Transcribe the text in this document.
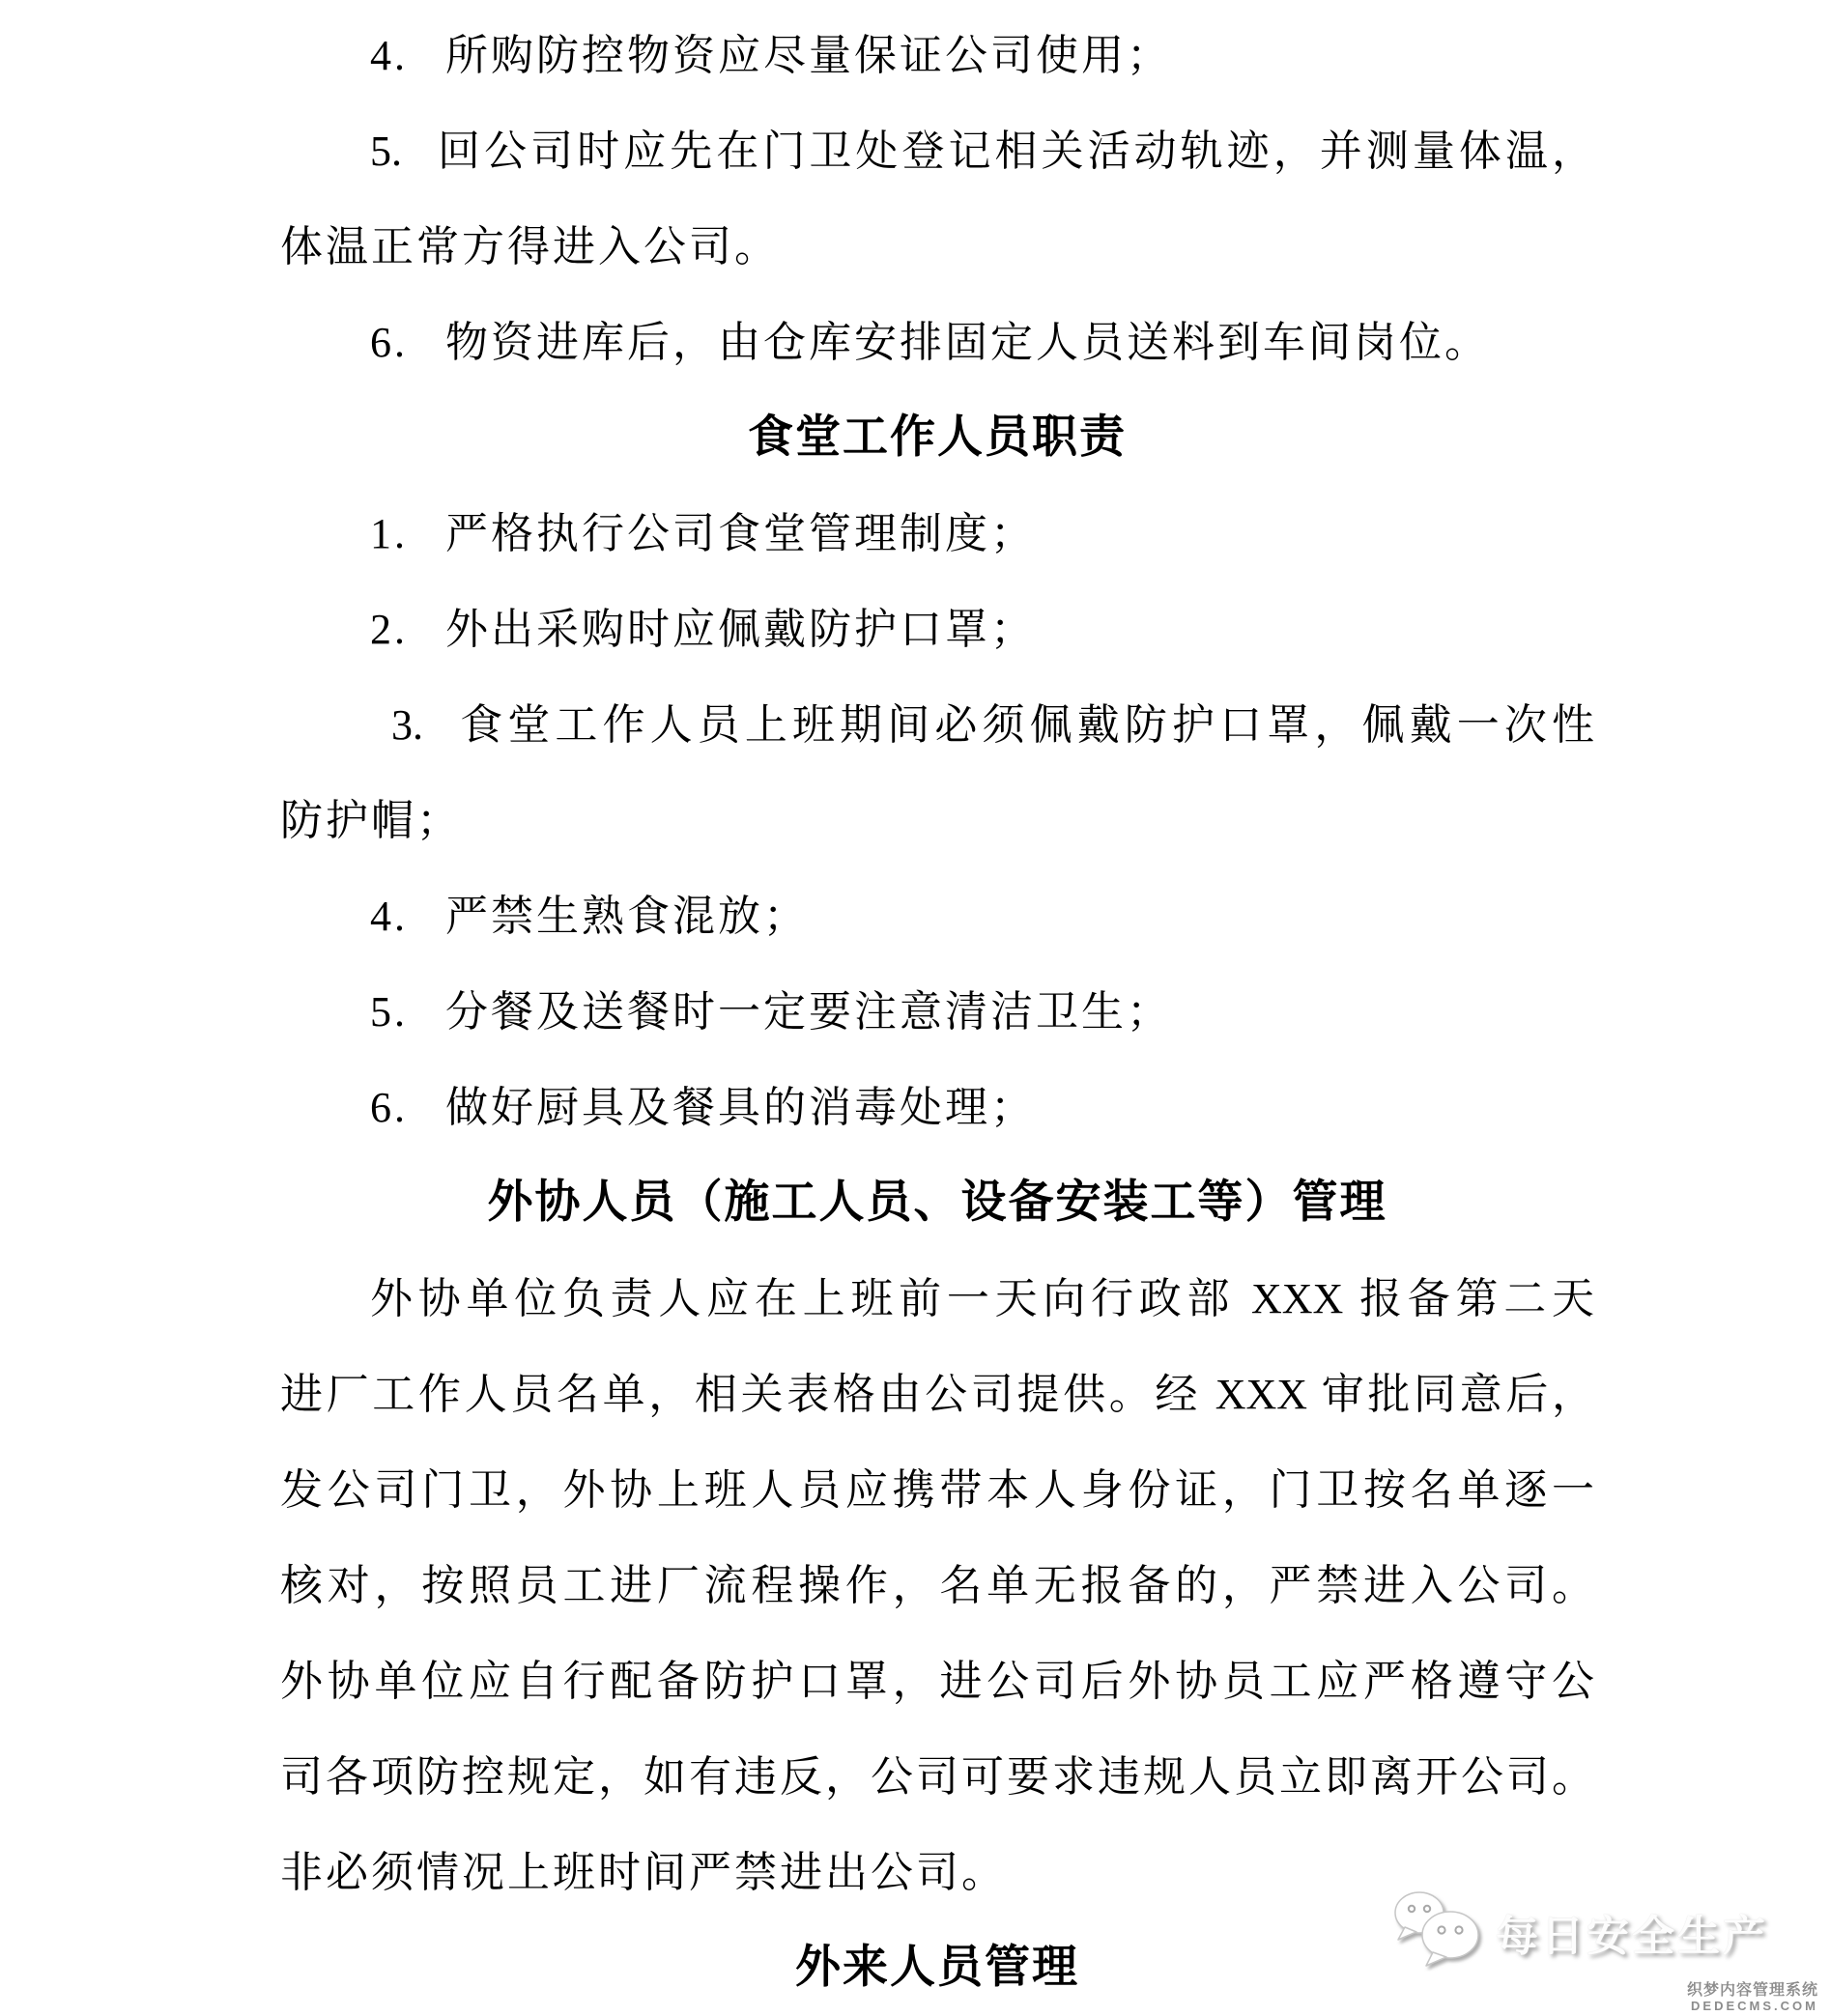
4.  所购防控物资应尽量保证公司使用；
5.  回公司时应先在门卫处登记相关活动轨迹，并测量体温，
体温正常方得进入公司。
6.  物资进库后，由仓库安排固定人员送料到车间岗位。
食堂工作人员职责
1.  严格执行公司食堂管理制度；
2.  外出采购时应佩戴防护口罩；
 3.  食堂工作人员上班期间必须佩戴防护口罩，佩戴一次性
防护帽；
4.  严禁生熟食混放；
5.  分餐及送餐时一定要注意清洁卫生；
6.  做好厨具及餐具的消毒处理；
外协人员（施工人员、设备安装工等）管理
外协单位负责人应在上班前一天向行政部 XXX 报备第二天
进厂工作人员名单，相关表格由公司提供。经 XXX 审批同意后，
发公司门卫，外协上班人员应携带本人身份证，门卫按名单逐一
核对，按照员工进厂流程操作，名单无报备的，严禁进入公司。
外协单位应自行配备防护口罩，进公司后外协员工应严格遵守公
司各项防控规定，如有违反，公司可要求违规人员立即离开公司。
非必须情况上班时间严禁进出公司。
外来人员管理
每日安全生产
织梦内容管理系统
DEDECMS.COM
